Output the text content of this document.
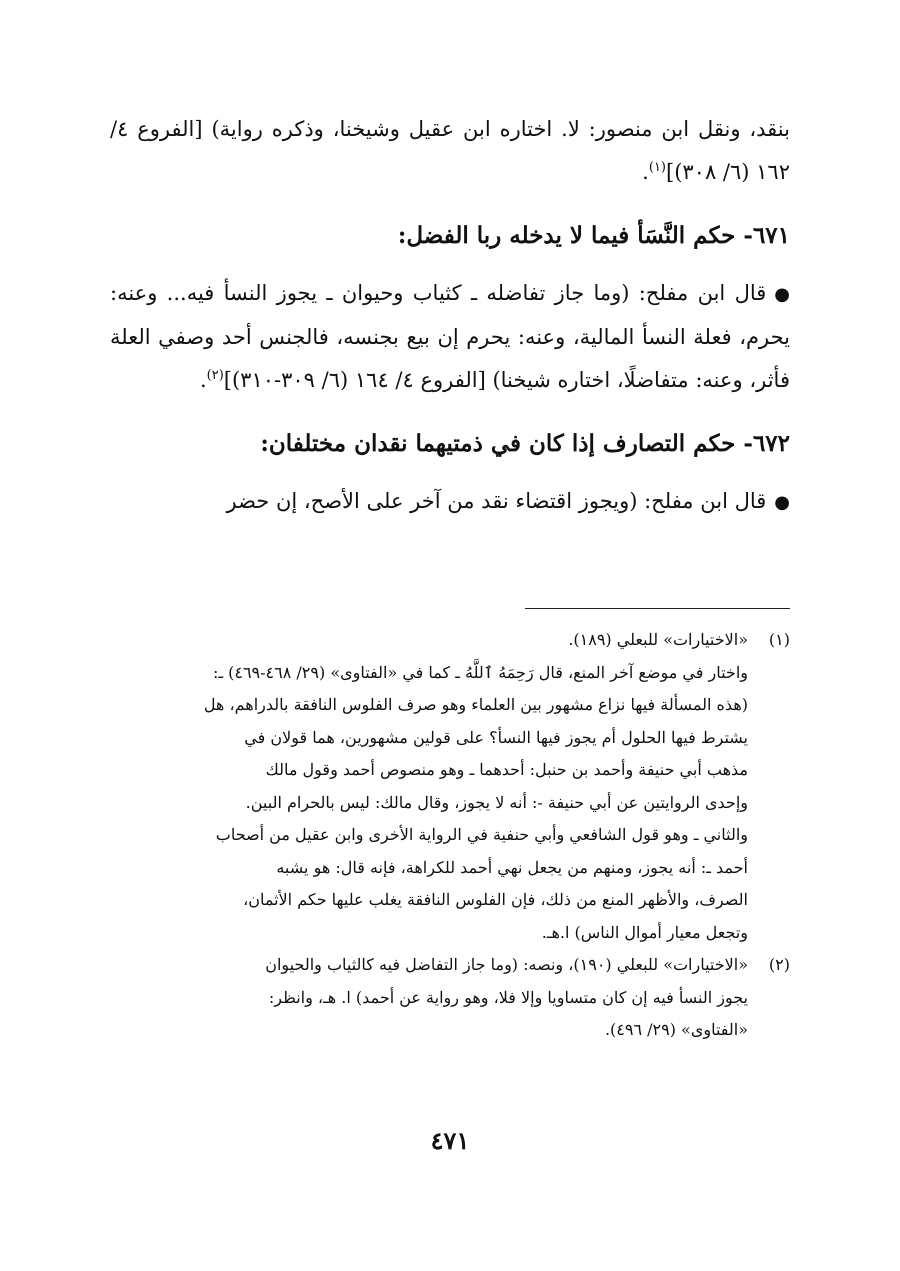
بنقد، ونقل ابن منصور: لا. اختاره ابن عقيل وشيخنا، وذكره رواية) [الفروع ٤/ ١٦٢ (٦/ ٣٠٨)]$^{(١)}$.

٦٧١- حكم النَّسَأ فيما لا يدخله ربا الفضل:

●قال ابن مفلح: (وما جاز تفاضله ـ كثياب وحيوان ـ يجوز النسأ فيه... وعنه: يحرم، فعلة النسأ المالية، وعنه: يحرم إن بيع بجنسه، فالجنس أحد وصفي العلة فأثر، وعنه: متفاضلًا، اختاره شيخنا) [الفروع ٤/ ١٦٤ (٦/ ٣٠٩-٣١٠)]$^{(٢)}$.

٦٧٢- حكم التصارف إذا كان في ذمتيهما نقدان مختلفان:

●قال ابن مفلح: (ويجوز اقتضاء نقد من آخر على الأصح، إن حضر

(١)

«الاختيارات» للبعلي (١٨٩).

واختار في موضع آخر المنع، قال رَحِمَهُ ٱللَّهُ ـ كما في «الفتاوى» (٢٩/ ٤٦٨-٤٦٩) ـ:

(هذه المسألة فيها نزاع مشهور بين العلماء وهو صرف الفلوس النافقة بالدراهم، هل

يشترط فيها الحلول أم يجوز فيها النسأ؟ على قولين مشهورين، هما قولان في

مذهب أبي حنيفة وأحمد بن حنبل: أحدهما ـ وهو منصوص أحمد وقول مالك

وإحدى الروايتين عن أبي حنيفة -: أنه لا يجوز، وقال مالك: ليس بالحرام البين.

والثاني ـ وهو قول الشافعي وأبي حنفية في الرواية الأخرى وابن عقيل من أصحاب

أحمد ـ: أنه يجوز، ومنهم من يجعل نهي أحمد للكراهة، فإنه قال: هو يشبه

الصرف، والأظهر المنع من ذلك، فإن الفلوس النافقة يغلب عليها حكم الأثمان،

وتجعل معيار أموال الناس) ا.هـ.

(٢)

«الاختيارات» للبعلي (١٩٠)، ونصه: (وما جاز التفاضل فيه كالثياب والحيوان

يجوز النسأ فيه إن كان متساويا وإلا فلا، وهو رواية عن أحمد) ا. هـ، وانظر:

«الفتاوى» (٢٩/ ٤٩٦).

٤٧١
